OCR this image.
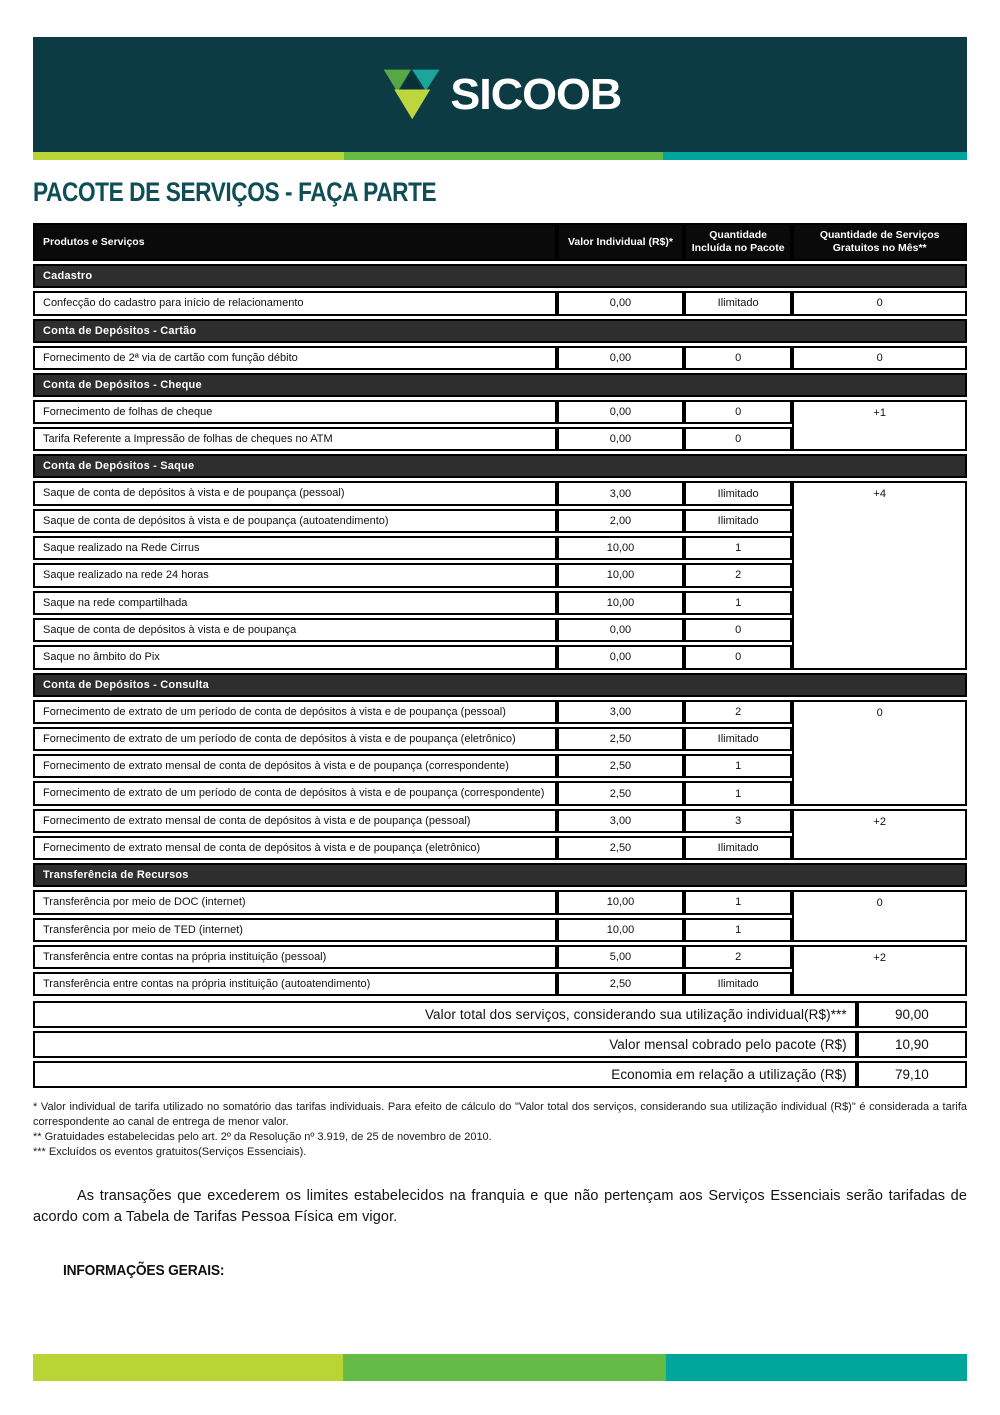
SICOOB
PACOTE DE SERVIÇOS - FAÇA PARTE
Produtos e Serviços	Valor Individual (R$)*	Quantidade Incluída no Pacote	Quantidade de Serviços Gratuitos no Mês**
Cadastro			
Confecção do cadastro para início de relacionamento	0,00	Ilimitado	0
Conta de Depósitos - Cartão			
Fornecimento de 2ª via de cartão com função débito	0,00	0	0
Conta de Depósitos - Cheque			
Fornecimento de folhas de cheque	0,00	0	+1
Tarifa Referente a Impressão de folhas de cheques no ATM	0,00	0	
Conta de Depósitos - Saque			
Saque de conta de depósitos à vista e de poupança (pessoal)	3,00	Ilimitado	+4
Saque de conta de depósitos à vista e de poupança (autoatendimento)	2,00	Ilimitado	
Saque realizado na Rede Cirrus	10,00	1	
Saque realizado na rede 24 horas	10,00	2	
Saque na rede compartilhada	10,00	1	
Saque de conta de depósitos à vista e de poupança	0,00	0	
Saque no âmbito do Pix	0,00	0	
Conta de Depósitos - Consulta			
Fornecimento de extrato de um período de conta de depósitos à vista e de poupança (pessoal)	3,00	2	0
Fornecimento de extrato de um período de conta de depósitos à vista e de poupança (eletrônico)	2,50	Ilimitado	
Fornecimento de extrato mensal de conta de depósitos à vista e de poupança (correspondente)	2,50	1	
Fornecimento de extrato de um período de conta de depósitos à vista e de poupança (correspondente)	2,50	1	
Fornecimento de extrato mensal de conta de depósitos à vista e de poupança (pessoal)	3,00	3	+2
Fornecimento de extrato mensal de conta de depósitos à vista e de poupança (eletrônico)	2,50	Ilimitado	
Transferência de Recursos			
Transferência por meio de DOC (internet)	10,00	1	0
Transferência por meio de TED (internet)	10,00	1	
Transferência entre contas na própria instituição (pessoal)	5,00	2	+2
Transferência entre contas na própria instituição (autoatendimento)	2,50	Ilimitado	
Valor total dos serviços, considerando sua utilização individual(R$)***	90,00
Valor mensal cobrado pelo pacote (R$)	10,90
Economia em relação a utilização (R$)	79,10
* Valor individual de tarifa utilizado no somatório das tarifas individuais. Para efeito de cálculo do "Valor total dos serviços, considerando sua utilização individual (R$)" é considerada a tarifa correspondente ao canal de entrega de menor valor.
** Gratuidades estabelecidas pelo art. 2º da Resolução nº 3.919, de 25 de novembro de 2010.
*** Excluídos os eventos gratuitos(Serviços Essenciais).
As transações que excederem os limites estabelecidos na franquia e que não pertençam aos Serviços Essenciais serão tarifadas de acordo com a Tabela de Tarifas Pessoa Física em vigor.
INFORMAÇÕES GERAIS:
